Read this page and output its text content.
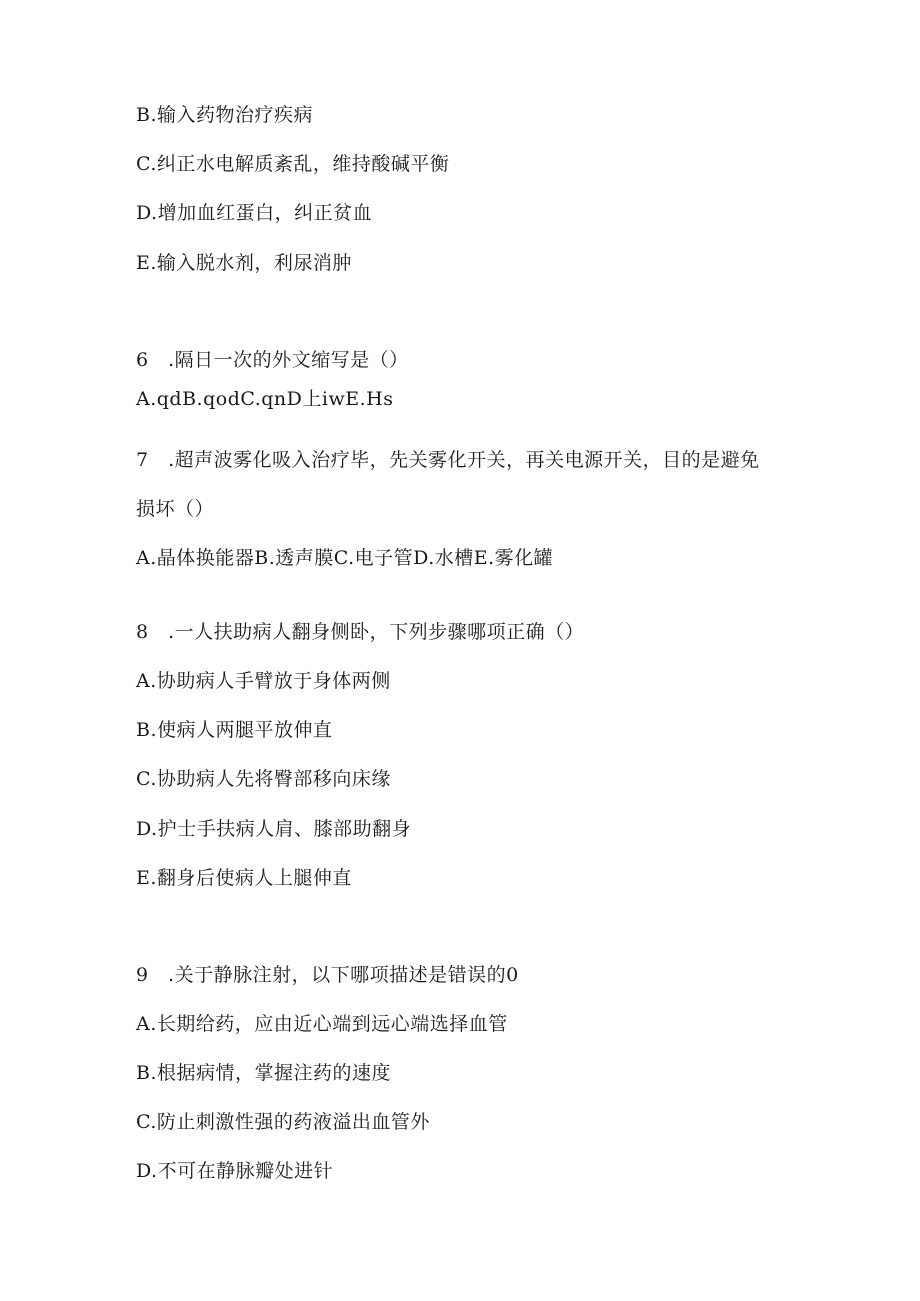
B.输入药物治疗疾病
C.纠正水电解质紊乱，维持酸碱平衡
D.增加血红蛋白，纠正贫血
E.输入脱水剂，利尿消肿
6　.隔日一次的外文缩写是（）
A.qdB.qodC.qnD上iwE.Hs
7　.超声波雾化吸入治疗毕，先关雾化开关，再关电源开关，目的是避免
损坏（）
A.晶体换能器B.透声膜C.电子管D.水槽E.雾化罐
8　.一人扶助病人翻身侧卧，下列步骤哪项正确（）
A.协助病人手臂放于身体两侧
B.使病人两腿平放伸直
C.协助病人先将臀部移向床缘
D.护士手扶病人肩、膝部助翻身
E.翻身后使病人上腿伸直
9　.关于静脉注射，以下哪项描述是错误的0
A.长期给药，应由近心端到远心端选择血管
B.根据病情，掌握注药的速度
C.防止刺激性强的药液溢出血管外
D.不可在静脉瓣处进针
